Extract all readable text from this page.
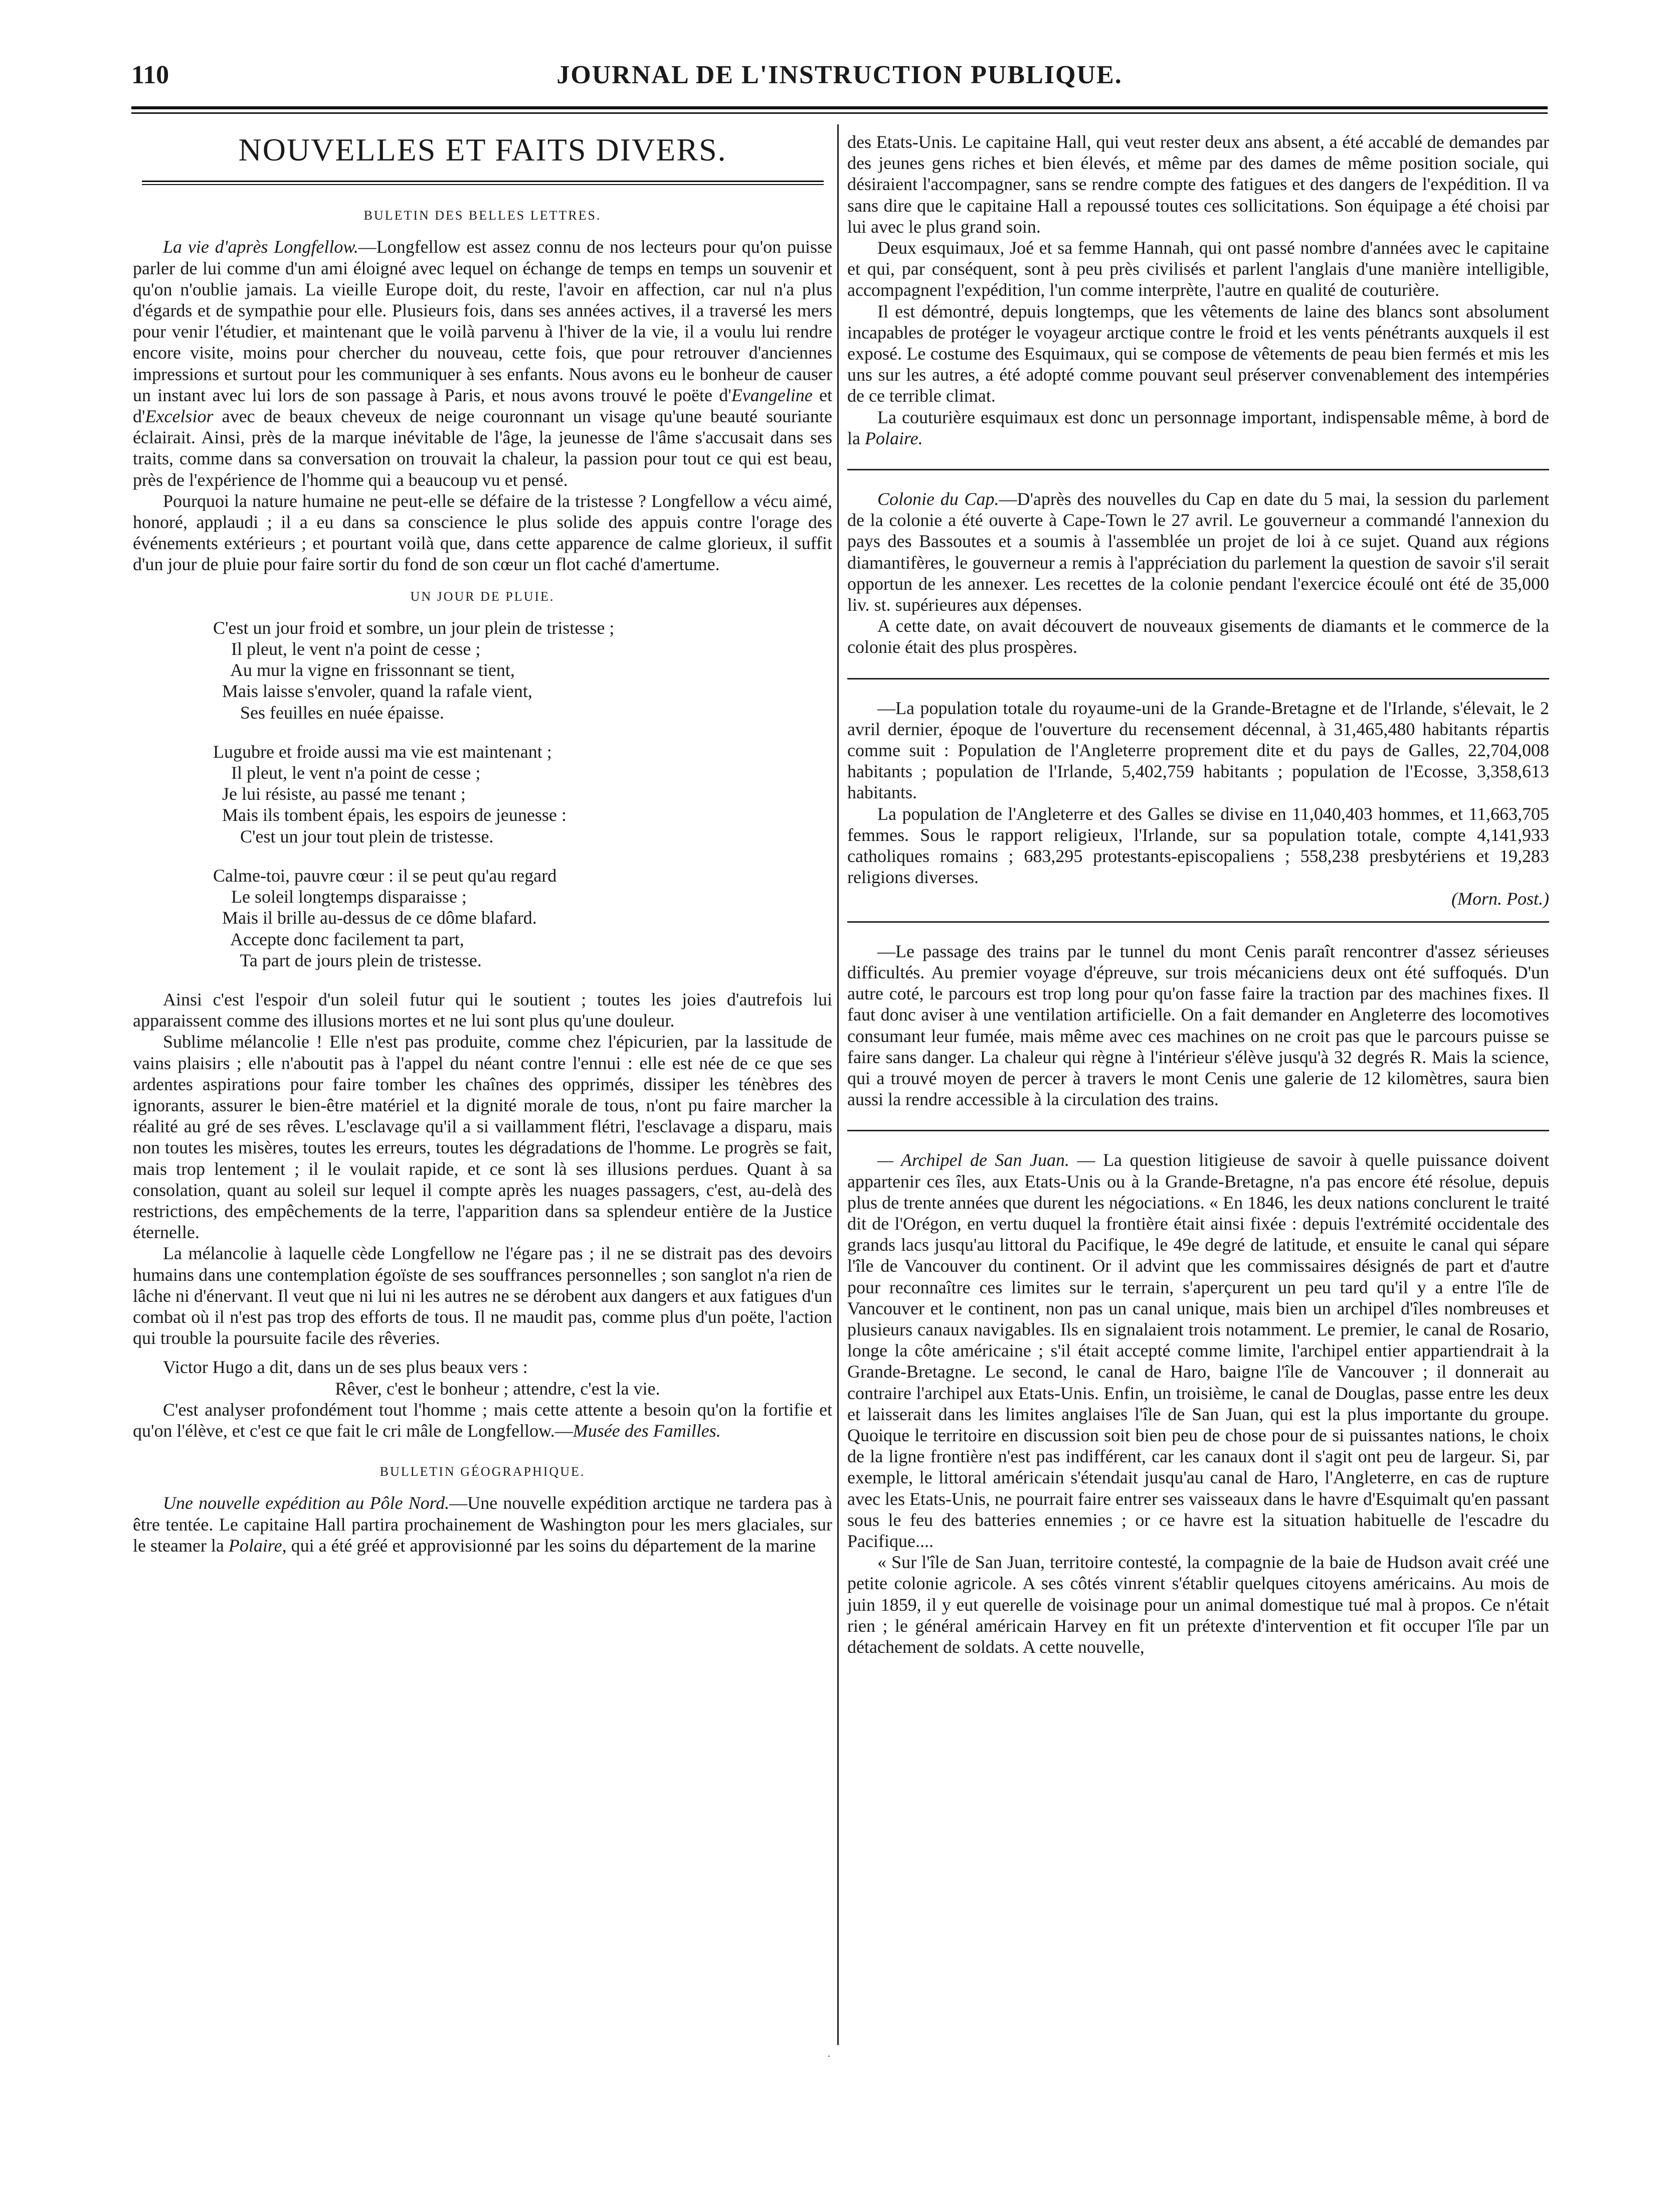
110	JOURNAL DE L'INSTRUCTION PUBLIQUE.
NOUVELLES ET FAITS DIVERS.
BULETIN DES BELLES LETTRES.

La vie d'après Longfellow.—Longfellow est assez connu de nos lecteurs pour qu'on puisse parler de lui comme d'un ami éloigné avec lequel on échange de temps en temps un souvenir et qu'on n'oublie jamais. La vieille Europe doit, du reste, l'avoir en affection, car nul n'a plus d'égards et de sympathie pour elle. Plusieurs fois, dans ses années actives, il a traversé les mers pour venir l'étudier, et maintenant que le voilà parvenu à l'hiver de la vie, il a voulu lui rendre encore visite, moins pour chercher du nouveau, cette fois, que pour retrouver d'anciennes impressions et surtout pour les communiquer à ses enfants. Nous avons eu le bonheur de causer un instant avec lui lors de son passage à Paris, et nous avons trouvé le poëte d'Evangeline et d'Excelsior avec de beaux cheveux de neige couronnant un visage qu'une beauté souriante éclairait. Ainsi, près de la marque inévitable de l'âge, la jeunesse de l'âme s'accusait dans ses traits, comme dans sa conversation on trouvait la chaleur, la passion pour tout ce qui est beau, près de l'expérience de l'homme qui a beaucoup vu et pensé.

Pourquoi la nature humaine ne peut-elle se défaire de la tristesse ? Longfellow a vécu aimé, honoré, applaudi ; il a eu dans sa conscience le plus solide des appuis contre l'orage des événements extérieurs ; et pourtant voilà que, dans cette apparence de calme glorieux, il suffit d'un jour de pluie pour faire sortir du fond de son cœur un flot caché d'amertume.

UN JOUR DE PLUIE.
C'est un jour froid et sombre, un jour plein de tristesse ;
Il pleut, le vent n'a point de cesse ;
Au mur la vigne en frissonnant se tient,
Mais laisse s'envoler, quand la rafale vient,
Ses feuilles en nuée épaisse.
Lugubre et froide aussi ma vie est maintenant ;
Il pleut, le vent n'a point de cesse ;
Je lui résiste, au passé me tenant ;
Mais ils tombent épais, les espoirs de jeunesse :
C'est un jour tout plein de tristesse.
Calme-toi, pauvre cœur : il se peut qu'au regard
Le soleil longtemps disparaisse ;
Mais il brille au-dessus de ce dôme blafard.
Accepte donc facilement ta part,
Ta part de jours plein de tristesse.

Ainsi c'est l'espoir d'un soleil futur qui le soutient ; toutes les joies d'autrefois lui apparaissent comme des illusions mortes et ne lui sont plus qu'une douleur.

Sublime mélancolie ! Elle n'est pas produite, comme chez l'épicurien, par la lassitude de vains plaisirs ; elle n'aboutit pas à l'appel du néant contre l'ennui : elle est née de ce que ses ardentes aspirations pour faire tomber les chaînes des opprimés, dissiper les ténèbres des ignorants, assurer le bien-être matériel et la dignité morale de tous, n'ont pu faire marcher la réalité au gré de ses rêves. L'esclavage qu'il a si vaillamment flétri, l'esclavage a disparu, mais non toutes les misères, toutes les erreurs, toutes les dégradations de l'homme. Le progrès se fait, mais trop lentement ; il le voulait rapide, et ce sont là ses illusions perdues. Quant à sa consolation, quant au soleil sur lequel il compte après les nuages passagers, c'est, au-delà des restrictions, des empêchements de la terre, l'apparition dans sa splendeur entière de la Justice éternelle.

La mélancolie à laquelle cède Longfellow ne l'égare pas ; il ne se distrait pas des devoirs humains dans une contemplation égoïste de ses souffrances personnelles ; son sanglot n'a rien de lâche ni d'énervant. Il veut que ni lui ni les autres ne se dérobent aux dangers et aux fatigues d'un combat où il n'est pas trop des efforts de tous. Il ne maudit pas, comme plus d'un poëte, l'action qui trouble la poursuite facile des rêveries.

Victor Hugo a dit, dans un de ses plus beaux vers :

Rêver, c'est le bonheur ; attendre, c'est la vie.

C'est analyser profondément tout l'homme ; mais cette attente a besoin qu'on la fortifie et qu'on l'élève, et c'est ce que fait le cri mâle de Longfellow.—Musée des Familles.

BULLETIN GÉOGRAPHIQUE.

Une nouvelle expédition au Pôle Nord.—Une nouvelle expédition arctique ne tardera pas à être tentée. Le capitaine Hall partira prochainement de Washington pour les mers glaciales, sur le steamer la Polaire, qui a été gréé et approvisionné par les soins du département de la marine

des Etats-Unis. Le capitaine Hall, qui veut rester deux ans absent, a été accablé de demandes par des jeunes gens riches et bien élevés, et même par des dames de même position sociale, qui désiraient l'accompagner, sans se rendre compte des fatigues et des dangers de l'expédition. Il va sans dire que le capitaine Hall a repoussé toutes ces sollicitations. Son équipage a été choisi par lui avec le plus grand soin.

Deux esquimaux, Joé et sa femme Hannah, qui ont passé nombre d'années avec le capitaine et qui, par conséquent, sont à peu près civilisés et parlent l'anglais d'une manière intelligible, accompagnent l'expédition, l'un comme interprète, l'autre en qualité de couturière.

Il est démontré, depuis longtemps, que les vêtements de laine des blancs sont absolument incapables de protéger le voyageur arctique contre le froid et les vents pénétrants auxquels il est exposé. Le costume des Esquimaux, qui se compose de vêtements de peau bien fermés et mis les uns sur les autres, a été adopté comme pouvant seul préserver convenablement des intempéries de ce terrible climat.

La couturière esquimaux est donc un personnage important, indispensable même, à bord de la Polaire.

Colonie du Cap.—D'après des nouvelles du Cap en date du 5 mai, la session du parlement de la colonie a été ouverte à Cape-Town le 27 avril. Le gouverneur a commandé l'annexion du pays des Bassoutes et a soumis à l'assemblée un projet de loi à ce sujet. Quand aux régions diamantifères, le gouverneur a remis à l'appréciation du parlement la question de savoir s'il serait opportun de les annexer. Les recettes de la colonie pendant l'exercice écoulé ont été de 35,000 liv. st. supérieures aux dépenses.

A cette date, on avait découvert de nouveaux gisements de diamants et le commerce de la colonie était des plus prospères.

—La population totale du royaume-uni de la Grande-Bretagne et de l'Irlande, s'élevait, le 2 avril dernier, époque de l'ouverture du recensement décennal, à 31,465,480 habitants répartis comme suit : Population de l'Angleterre proprement dite et du pays de Galles, 22,704,008 habitants ; population de l'Irlande, 5,402,759 habitants ; population de l'Ecosse, 3,358,613 habitants.

La population de l'Angleterre et des Galles se divise en 11,040,403 hommes, et 11,663,705 femmes. Sous le rapport religieux, l'Irlande, sur sa population totale, compte 4,141,933 catholiques romains ; 683,295 protestants-episcopaliens ; 558,238 presbytériens et 19,283 religions diverses.

(Morn. Post.)

—Le passage des trains par le tunnel du mont Cenis paraît rencontrer d'assez sérieuses difficultés. Au premier voyage d'épreuve, sur trois mécaniciens deux ont été suffoqués. D'un autre coté, le parcours est trop long pour qu'on fasse faire la traction par des machines fixes. Il faut donc aviser à une ventilation artificielle. On a fait demander en Angleterre des locomotives consumant leur fumée, mais même avec ces machines on ne croit pas que le parcours puisse se faire sans danger. La chaleur qui règne à l'intérieur s'élève jusqu'à 32 degrés R. Mais la science, qui a trouvé moyen de percer à travers le mont Cenis une galerie de 12 kilomètres, saura bien aussi la rendre accessible à la circulation des trains.

— Archipel de San Juan. — La question litigieuse de savoir à quelle puissance doivent appartenir ces îles, aux Etats-Unis ou à la Grande-Bretagne, n'a pas encore été résolue, depuis plus de trente années que durent les négociations. « En 1846, les deux nations conclurent le traité dit de l'Orégon, en vertu duquel la frontière était ainsi fixée : depuis l'extrémité occidentale des grands lacs jusqu'au littoral du Pacifique, le 49e degré de latitude, et ensuite le canal qui sépare l'île de Vancouver du continent. Or il advint que les commissaires désignés de part et d'autre pour reconnaître ces limites sur le terrain, s'aperçurent un peu tard qu'il y a entre l'île de Vancouver et le continent, non pas un canal unique, mais bien un archipel d'îles nombreuses et plusieurs canaux navigables. Ils en signalaient trois notamment. Le premier, le canal de Rosario, longe la côte américaine ; s'il était accepté comme limite, l'archipel entier appartiendrait à la Grande-Bretagne. Le second, le canal de Haro, baigne l'île de Vancouver ; il donnerait au contraire l'archipel aux Etats-Unis. Enfin, un troisième, le canal de Douglas, passe entre les deux et laisserait dans les limites anglaises l'île de San Juan, qui est la plus importante du groupe. Quoique le territoire en discussion soit bien peu de chose pour de si puissantes nations, le choix de la ligne frontière n'est pas indifférent, car les canaux dont il s'agit ont peu de largeur. Si, par exemple, le littoral américain s'étendait jusqu'au canal de Haro, l'Angleterre, en cas de rupture avec les Etats-Unis, ne pourrait faire entrer ses vaisseaux dans le havre d'Esquimalt qu'en passant sous le feu des batteries ennemies ; or ce havre est la situation habituelle de l'escadre du Pacifique....

« Sur l'île de San Juan, territoire contesté, la compagnie de la baie de Hudson avait créé une petite colonie agricole. A ses côtés vinrent s'établir quelques citoyens américains. Au mois de juin 1859, il y eut querelle de voisinage pour un animal domestique tué mal à propos. Ce n'était rien ; le général américain Harvey en fit un prétexte d'intervention et fit occuper l'île par un détachement de soldats. A cette nouvelle,

·
